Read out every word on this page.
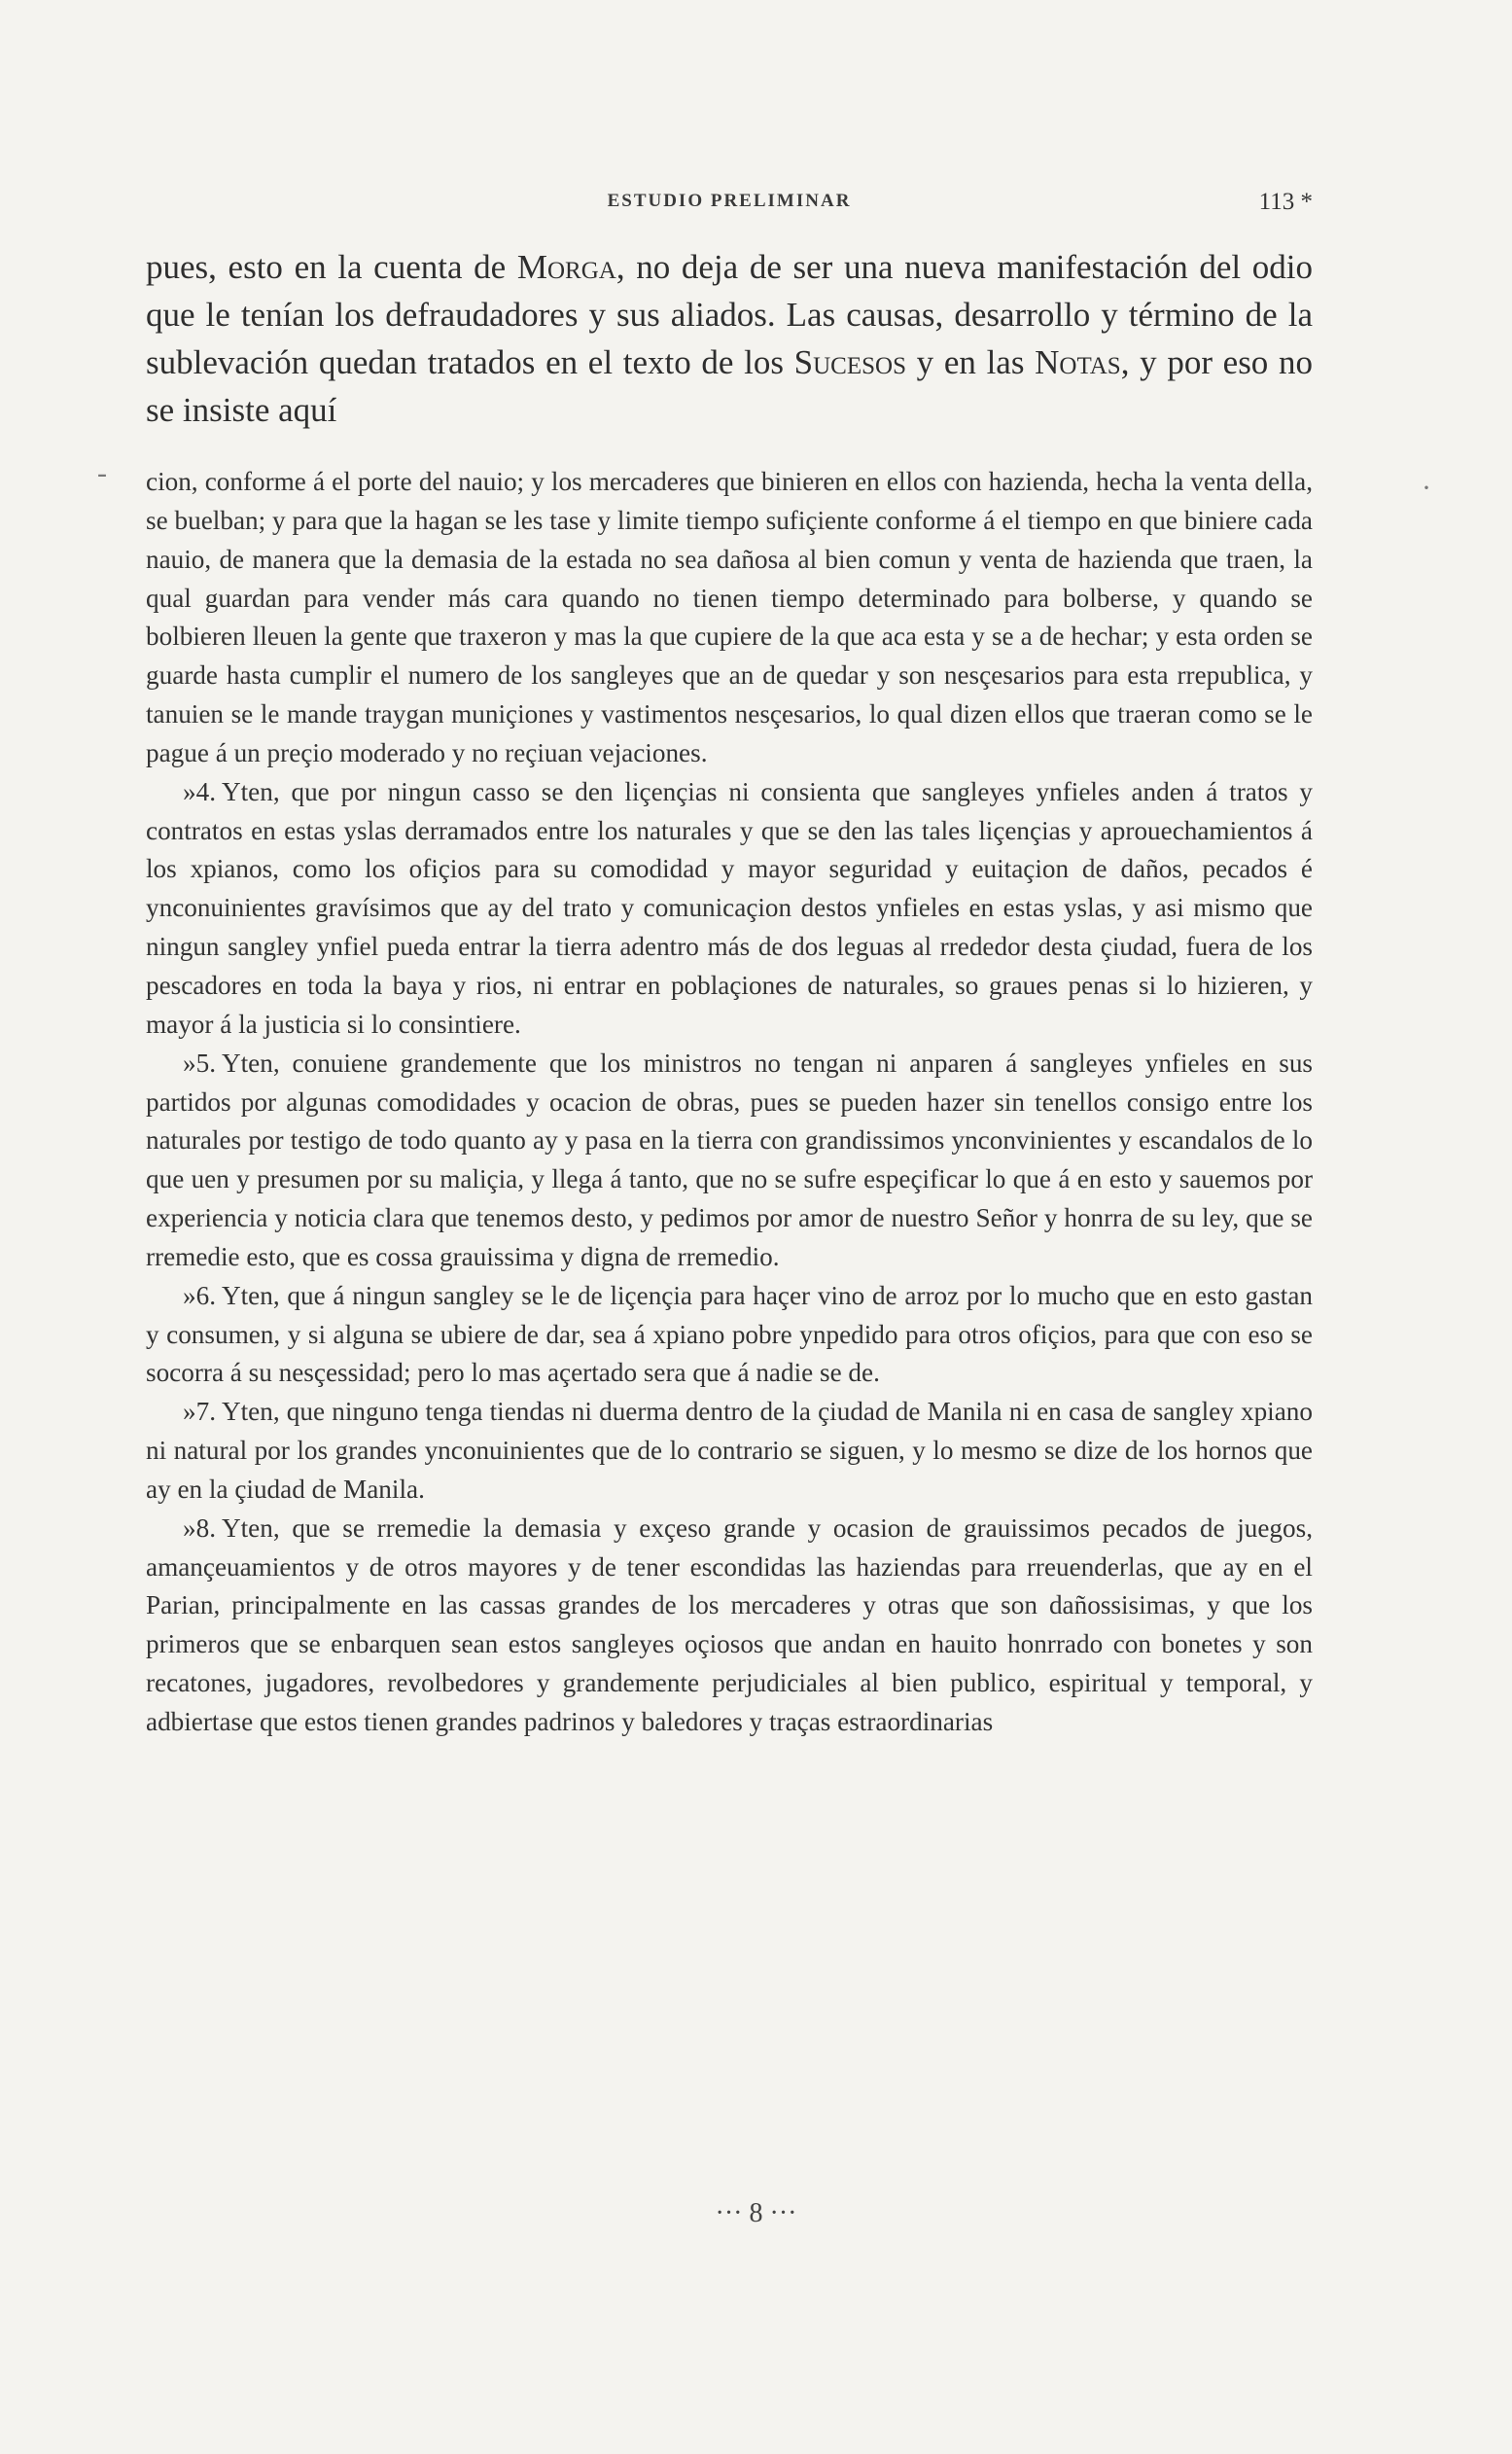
ESTUDIO PRELIMINAR	113 *

pues, esto en la cuenta de Morga, no deja de ser una nueva manifestación del odio que le tenían los defraudadores y sus aliados. Las causas, desarrollo y término de la sublevación quedan tratados en el texto de los Sucesos y en las Notas, y por eso no se insiste aquí

-	·

cion, conforme á el porte del nauio; y los mercaderes que binieren en ellos con hazienda, hecha la venta della, se buelban; y para que la hagan se les tase y limite tiempo sufiçiente conforme á el tiempo en que biniere cada nauio, de manera que la demasia de la estada no sea dañosa al bien comun y venta de hazienda que traen, la qual guardan para vender más cara quando no tienen tiempo determinado para bolberse, y quando se bolbieren lleuen la gente que traxeron y mas la que cupiere de la que aca esta y se a de hechar; y esta orden se guarde hasta cumplir el numero de los sangleyes que an de quedar y son nesçesarios para esta rrepublica, y tanuien se le mande traygan muniçiones y vastimentos nesçesarios, lo qual dizen ellos que traeran como se le pague á un preçio moderado y no reçiuan vejaciones.

»4. Yten, que por ningun casso se den liçençias ni consienta que sangleyes ynfieles anden á tratos y contratos en estas yslas derramados entre los naturales y que se den las tales liçençias y aprouechamientos á los xpianos, como los ofiçios para su comodidad y mayor seguridad y euitaçion de daños, pecados é ynconuinientes gravísimos que ay del trato y comunicaçion destos ynfieles en estas yslas, y asi mismo que ningun sangley ynfiel pueda entrar la tierra adentro más de dos leguas al rrededor desta çiudad, fuera de los pescadores en toda la baya y rios, ni entrar en poblaçiones de naturales, so graues penas si lo hizieren, y mayor á la justicia si lo consintiere.

»5. Yten, conuiene grandemente que los ministros no tengan ni anparen á sangleyes ynfieles en sus partidos por algunas comodidades y ocacion de obras, pues se pueden hazer sin tenellos consigo entre los naturales por testigo de todo quanto ay y pasa en la tierra con grandissimos ynconvinientes y escandalos de lo que uen y presumen por su maliçia, y llega á tanto, que no se sufre espeçificar lo que á en esto y sauemos por experiencia y noticia clara que tenemos desto, y pedimos por amor de nuestro Señor y honrra de su ley, que se rremedie esto, que es cossa grauissima y digna de rremedio.

»6. Yten, que á ningun sangley se le de liçençia para haçer vino de arroz por lo mucho que en esto gastan y consumen, y si alguna se ubiere de dar, sea á xpiano pobre ynpedido para otros ofiçios, para que con eso se socorra á su nesçessidad; pero lo mas açertado sera que á nadie se de.

»7. Yten, que ninguno tenga tiendas ni duerma dentro de la çiudad de Manila ni en casa de sangley xpiano ni natural por los grandes ynconuinientes que de lo contrario se siguen, y lo mesmo se dize de los hornos que ay en la çiudad de Manila.

»8. Yten, que se rremedie la demasia y exçeso grande y ocasion de grauissimos pecados de juegos, amançeuamientos y de otros mayores y de tener escondidas las haziendas para rreuenderlas, que ay en el Parian, principalmente en las cassas grandes de los mercaderes y otras que son dañossisimas, y que los primeros que se enbarquen sean estos sangleyes oçiosos que andan en hauito honrrado con bonetes y son recatones, jugadores, revolbedores y grandemente perjudiciales al bien publico, espiritual y temporal, y adbiertase que estos tienen grandes padrinos y baledores y traças estraordinarias

··· 8 ···
